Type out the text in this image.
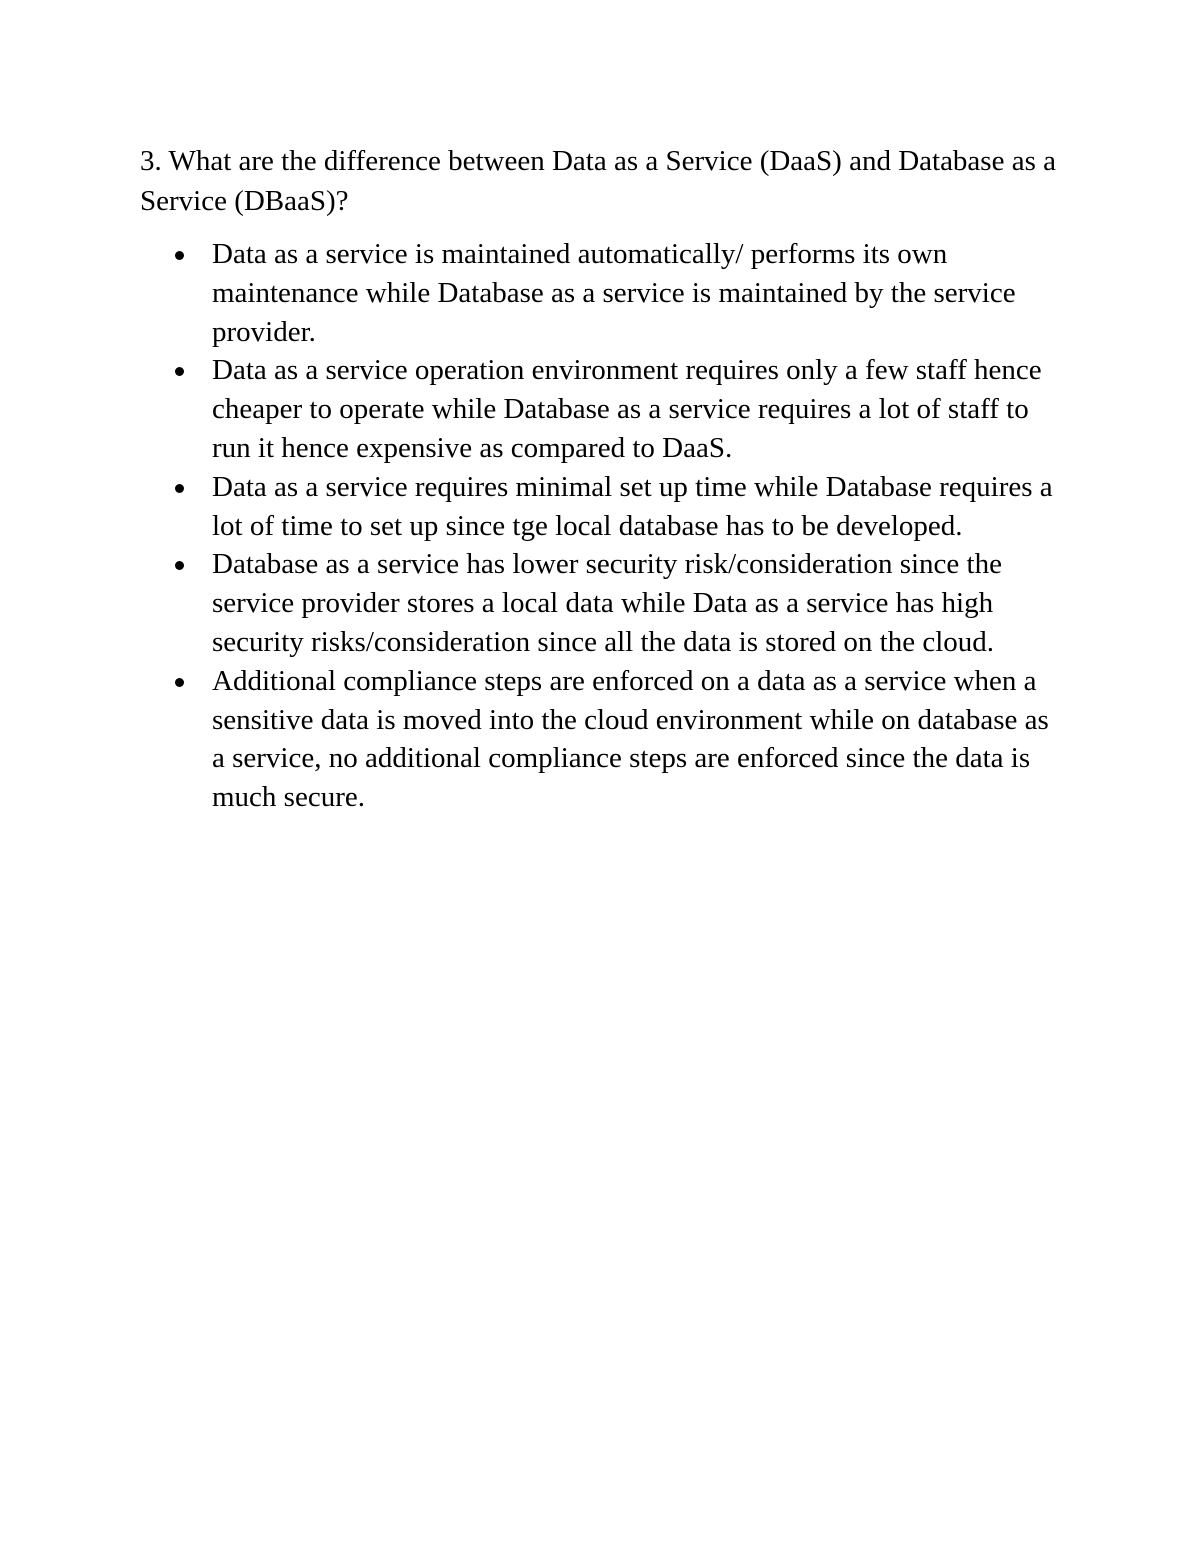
3. What are the difference between Data as a Service (DaaS) and Database as a Service (DBaaS)?

Data as a service is maintained automatically/ performs its own maintenance while Database as a service is maintained by the service provider.
Data as a service operation environment requires only a few staff hence cheaper to operate while Database as a service requires a lot of staff to run it hence expensive as compared to DaaS.
Data as a service requires minimal set up time while Database requires a lot of time to set up since tge local database has to be developed.
Database as a service has lower security risk/consideration since the service provider stores a local data while Data as a service has high security risks/consideration since all the data is stored on the cloud.
Additional compliance steps are enforced on a data as a service when a sensitive data is moved into the cloud environment while on database as a service, no additional compliance steps are enforced since the data is much secure.
